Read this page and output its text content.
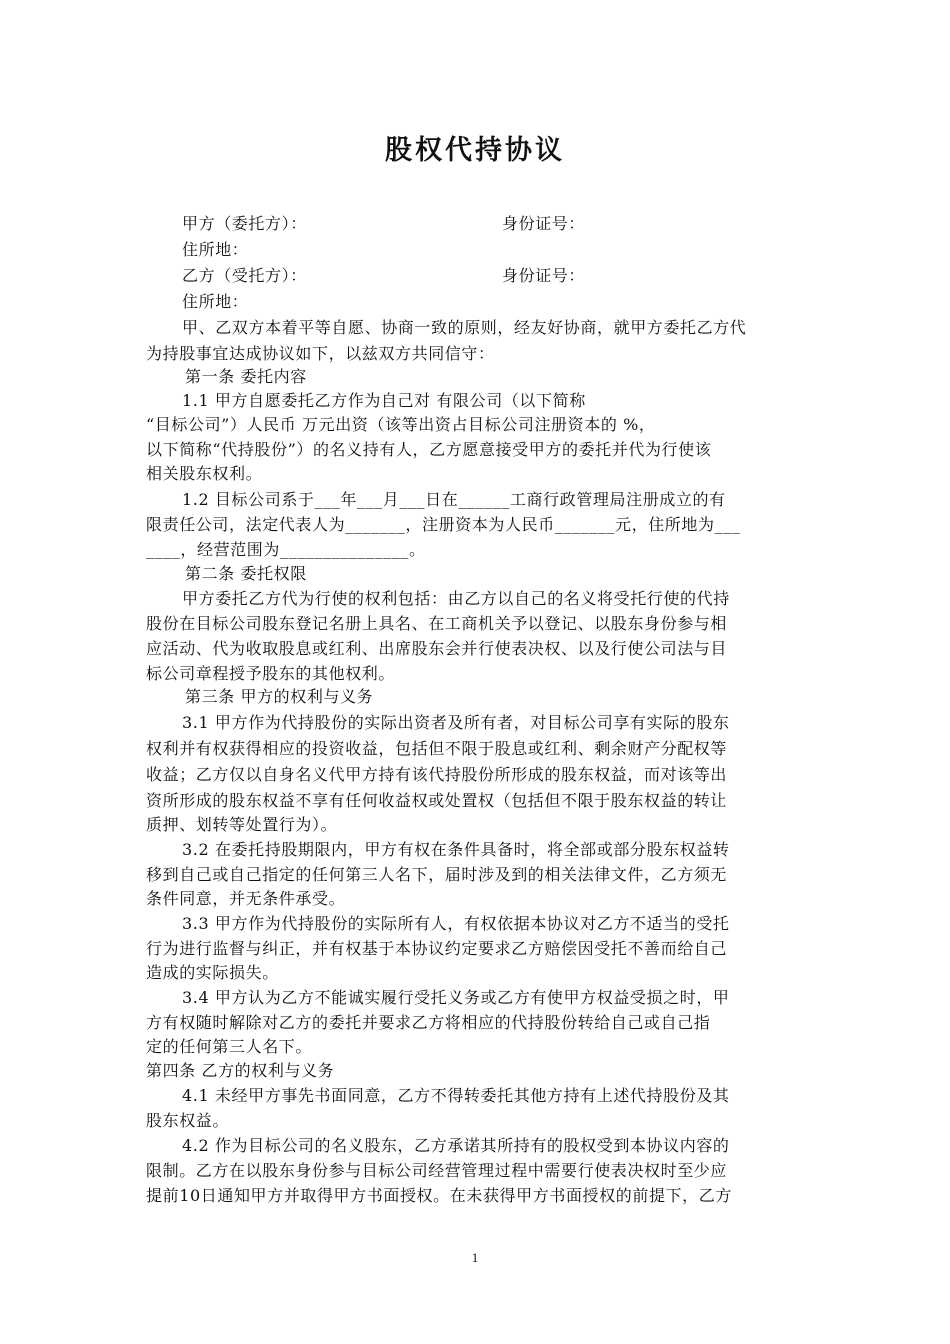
股权代持协议
甲方（委托方）：	身份证号：
住所地：
乙方（受托方）：	身份证号：
住所地：
甲、乙双方本着平等自愿、协商一致的原则，经友好协商，就甲方委托乙方代
为持股事宜达成协议如下，以兹双方共同信守：
第一条 委托内容
1.1 甲方自愿委托乙方作为自己对 有限公司（以下简称
“目标公司”）人民币 万元出资（该等出资占目标公司注册资本的 %，
以下简称“代持股份”）的名义持有人，乙方愿意接受甲方的委托并代为行使该
相关股东权利。
1.2 目标公司系于___年___月___日在______工商行政管理局注册成立的有
限责任公司，法定代表人为_______，注册资本为人民币_______元，住所地为___
____，经营范围为_______________。
第二条 委托权限
甲方委托乙方代为行使的权利包括：由乙方以自己的名义将受托行使的代持
股份在目标公司股东登记名册上具名、在工商机关予以登记、以股东身份参与相
应活动、代为收取股息或红利、出席股东会并行使表决权、以及行使公司法与目
标公司章程授予股东的其他权利。
第三条 甲方的权利与义务
3.1 甲方作为代持股份的实际出资者及所有者，对目标公司享有实际的股东
权利并有权获得相应的投资收益，包括但不限于股息或红利、剩余财产分配权等
收益；乙方仅以自身名义代甲方持有该代持股份所形成的股东权益，而对该等出
资所形成的股东权益不享有任何收益权或处置权（包括但不限于股东权益的转让
质押、划转等处置行为）。
3.2 在委托持股期限内，甲方有权在条件具备时，将全部或部分股东权益转
移到自己或自己指定的任何第三人名下，届时涉及到的相关法律文件，乙方须无
条件同意，并无条件承受。
3.3 甲方作为代持股份的实际所有人，有权依据本协议对乙方不适当的受托
行为进行监督与纠正，并有权基于本协议约定要求乙方赔偿因受托不善而给自己
造成的实际损失。
3.4 甲方认为乙方不能诚实履行受托义务或乙方有使甲方权益受损之时，甲
方有权随时解除对乙方的委托并要求乙方将相应的代持股份转给自己或自己指
定的任何第三人名下。
第四条 乙方的权利与义务
4.1 未经甲方事先书面同意，乙方不得转委托其他方持有上述代持股份及其
股东权益。
4.2 作为目标公司的名义股东，乙方承诺其所持有的股权受到本协议内容的
限制。乙方在以股东身份参与目标公司经营管理过程中需要行使表决权时至少应
提前10日通知甲方并取得甲方书面授权。在未获得甲方书面授权的前提下，乙方
1
